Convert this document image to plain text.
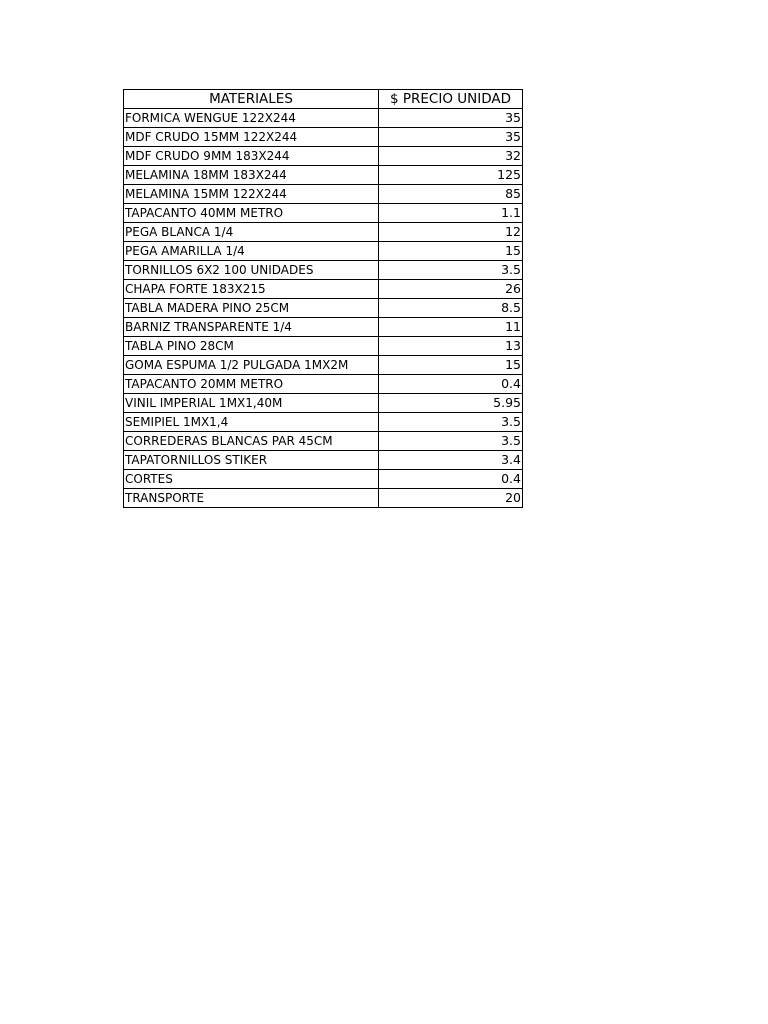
MATERIALES	$ PRECIO UNIDAD
FORMICA WENGUE 122X244	35
MDF CRUDO 15MM 122X244	35
MDF CRUDO 9MM 183X244	32
MELAMINA 18MM 183X244	125
MELAMINA 15MM 122X244	85
TAPACANTO 40MM METRO	1.1
PEGA BLANCA 1/4	12
PEGA AMARILLA 1/4	15
TORNILLOS 6X2 100 UNIDADES	3.5
CHAPA FORTE 183X215	26
TABLA MADERA PINO 25CM	8.5
BARNIZ TRANSPARENTE 1/4	11
TABLA PINO 28CM	13
GOMA ESPUMA 1/2 PULGADA 1MX2M	15
TAPACANTO 20MM METRO	0.4
VINIL IMPERIAL 1MX1,40M	5.95
SEMIPIEL 1MX1,4	3.5
CORREDERAS BLANCAS PAR 45CM	3.5
TAPATORNILLOS STIKER	3.4
CORTES	0.4
TRANSPORTE	20
